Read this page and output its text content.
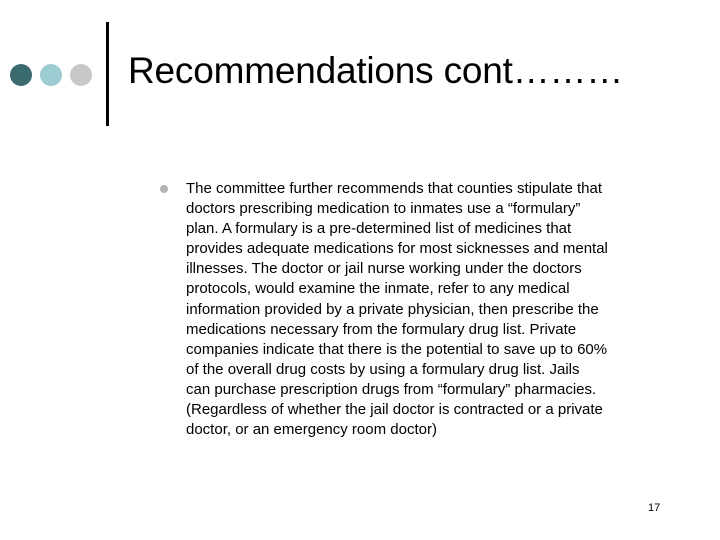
Recommendations cont………
The committee further recommends that counties stipulate that
doctors prescribing medication to inmates use a “formulary”
plan. A formulary is a pre-determined list of medicines that
provides adequate medications for most sicknesses and mental
illnesses. The doctor or jail nurse working under the doctors
protocols, would examine the inmate, refer to any medical
information provided by a private physician, then prescribe the
medications necessary from the formulary drug list. Private
companies indicate that there is the potential to save up to 60%
of the overall drug costs by using a formulary drug list. Jails
can purchase prescription drugs from “formulary” pharmacies.
(Regardless of whether the jail doctor is contracted or a private
doctor, or an emergency room doctor)
17
